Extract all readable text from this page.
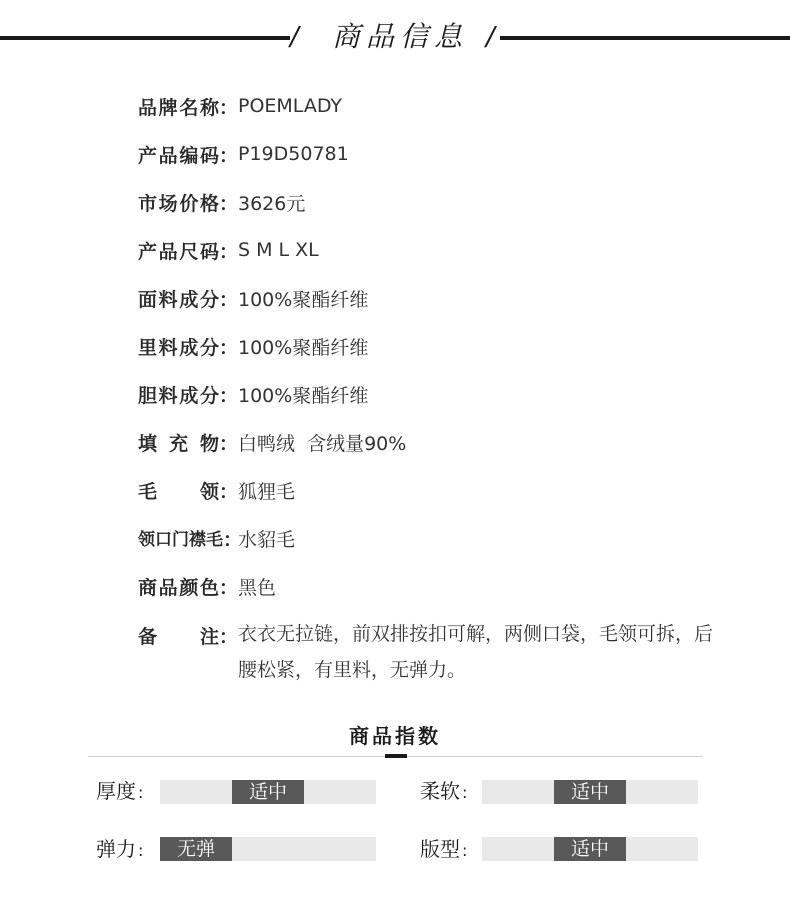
/	商品信息 /
品 牌 名 称 ： POEMLADY
产 品 编 码 ： P19D50781
市 场 价 格 ： 3626元
产 品 尺 码 ： S M L XL
面 料 成 分 ： 100%聚酯纤维
里 料 成 分 ： 100%聚酯纤维
胆 料 成 分 ： 100%聚酯纤维
填 充 物 ： 白鸭绒  含绒量90%
毛 领 ： 狐狸毛
领 口 门 襟 毛 ：
水貂毛
商 品 颜 色 ： 黑色
备 注 ： 衣衣无拉链，前双排按扣可解，两侧口袋，毛领可拆，后腰松紧，有里料，无弹力。
商品指数
厚度 :	适中	柔软 :	适中
弹力 :	无弹	版型 :	适中
